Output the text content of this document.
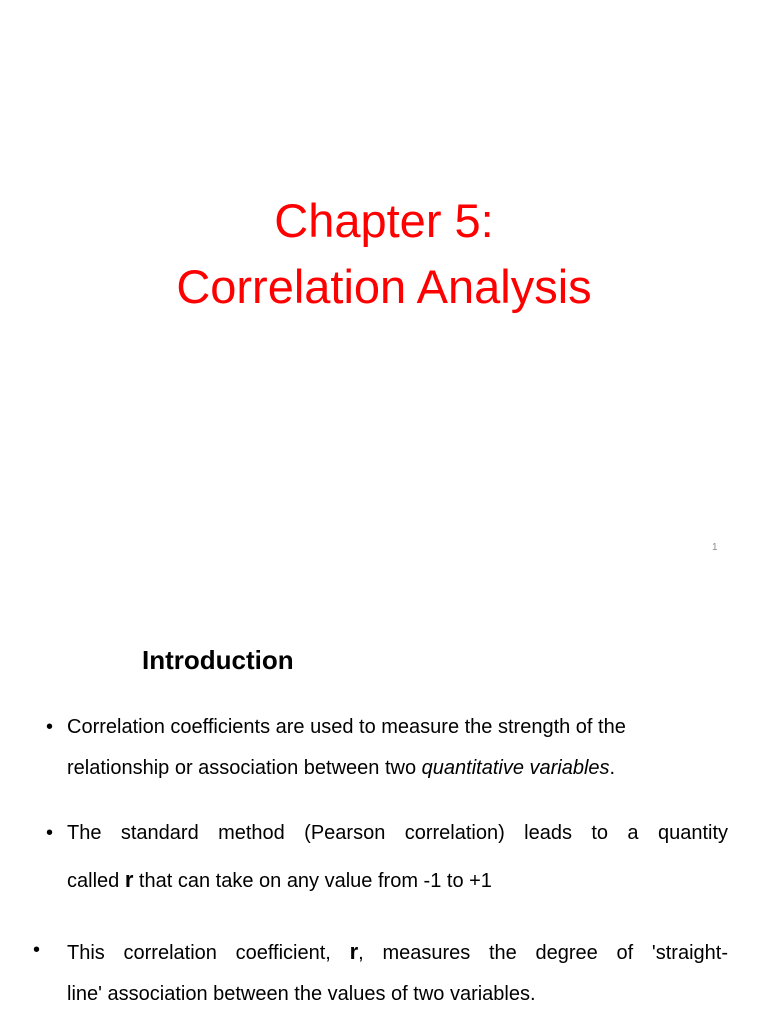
Chapter 5:
Correlation Analysis
1
Introduction
• Correlation coefficients are used to measure the strength of the
relationship or association between two quantitative variables.
• The standard method (Pearson correlation) leads to a quantity
called r that can take on any value from -1 to +1
• This correlation coefficient, r, measures the degree of 'straight-
line' association between the values of two variables.
